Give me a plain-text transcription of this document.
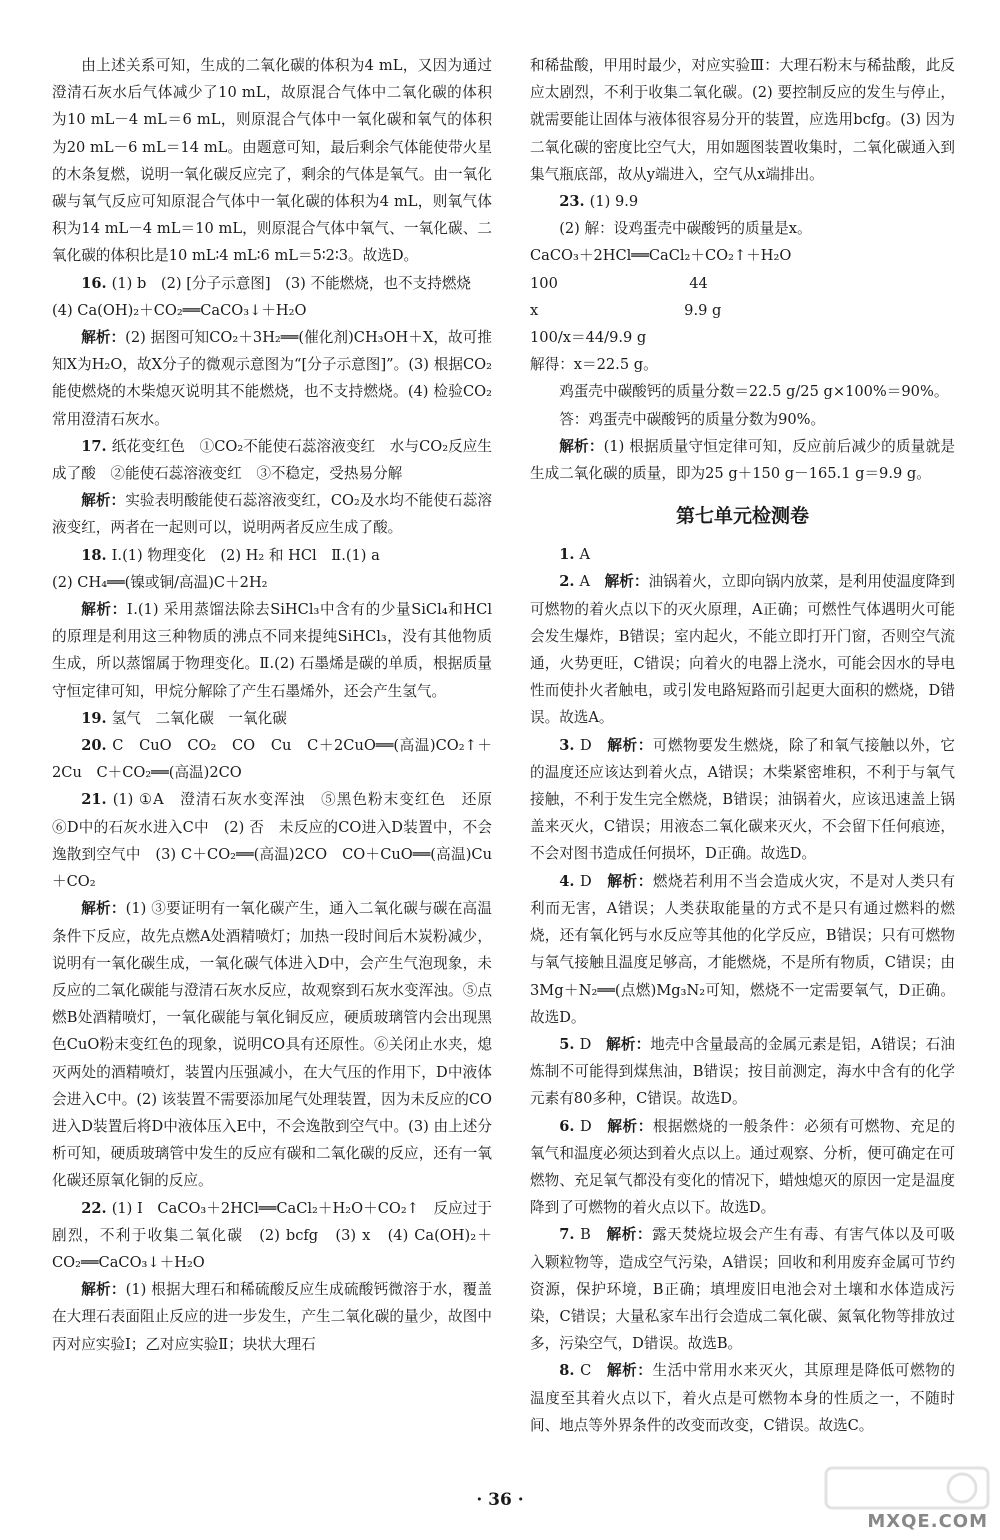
由上述关系可知，生成的二氧化碳的体积为4 mL，又因为通过澄清石灰水后气体减少了10 mL，故原混合气体中二氧化碳的体积为10 mL－4 mL＝6 mL，则原混合气体中一氧化碳和氧气的体积为20 mL－6 mL＝14 mL。由题意可知，最后剩余气体能使带火星的木条复燃，说明一氧化碳反应完了，剩余的气体是氧气。由一氧化碳与氧气反应可知原混合气体中一氧化碳的体积为4 mL，则氧气体积为14 mL－4 mL＝10 mL，则原混合气体中氧气、一氧化碳、二氧化碳的体积比是10 mL∶4 mL∶6 mL＝5∶2∶3。故选D。

16. (1) b　(2) [分子示意图]　(3) 不能燃烧，也不支持燃烧

(4) Ca(OH)₂＋CO₂══CaCO₃↓＋H₂O

解析：(2) 据图可知CO₂＋3H₂══(催化剂)CH₃OH＋X，故可推知X为H₂O，故X分子的微观示意图为“[分子示意图]”。(3) 根据CO₂能使燃烧的木柴熄灭说明其不能燃烧，也不支持燃烧。(4) 检验CO₂常用澄清石灰水。

17. 纸花变红色　①CO₂不能使石蕊溶液变红　水与CO₂反应生成了酸　②能使石蕊溶液变红　③不稳定，受热易分解

解析：实验表明酸能使石蕊溶液变红，CO₂及水均不能使石蕊溶液变红，两者在一起则可以，说明两者反应生成了酸。

18. Ⅰ.(1) 物理变化　(2) H₂ 和 HCl　Ⅱ.(1) a

(2) CH₄══(镍或铜/高温)C＋2H₂

解析：Ⅰ.(1) 采用蒸馏法除去SiHCl₃中含有的少量SiCl₄和HCl的原理是利用这三种物质的沸点不同来提纯SiHCl₃，没有其他物质生成，所以蒸馏属于物理变化。Ⅱ.(2) 石墨烯是碳的单质，根据质量守恒定律可知，甲烷分解除了产生石墨烯外，还会产生氢气。

19. 氢气　二氧化碳　一氧化碳

20. C　CuO　CO₂　CO　Cu　C＋2CuO══(高温)CO₂↑＋2Cu　C＋CO₂══(高温)2CO

21. (1) ①A　澄清石灰水变浑浊　⑤黑色粉末变红色　还原　⑥D中的石灰水进入C中　(2) 否　未反应的CO进入D装置中，不会逸散到空气中　(3) C＋CO₂══(高温)2CO　CO＋CuO══(高温)Cu＋CO₂

解析：(1) ③要证明有一氧化碳产生，通入二氧化碳与碳在高温条件下反应，故先点燃A处酒精喷灯；加热一段时间后木炭粉减少，说明有一氧化碳生成，一氧化碳气体进入D中，会产生气泡现象，未反应的二氧化碳能与澄清石灰水反应，故观察到石灰水变浑浊。⑤点燃B处酒精喷灯，一氧化碳能与氧化铜反应，硬质玻璃管内会出现黑色CuO粉末变红色的现象，说明CO具有还原性。⑥关闭止水夹，熄灭两处的酒精喷灯，装置内压强减小，在大气压的作用下，D中液体会进入C中。(2) 该装置不需要添加尾气处理装置，因为未反应的CO进入D装置后将D中液体压入E中，不会逸散到空气中。(3) 由上述分析可知，硬质玻璃管中发生的反应有碳和二氧化碳的反应，还有一氧化碳还原氧化铜的反应。

22. (1) Ⅰ　CaCO₃＋2HCl══CaCl₂＋H₂O＋CO₂↑　反应过于剧烈，不利于收集二氧化碳　(2) bcfg　(3) x　(4) Ca(OH)₂＋CO₂══CaCO₃↓＋H₂O

解析：(1) 根据大理石和稀硫酸反应生成硫酸钙微溶于水，覆盖在大理石表面阻止反应的进一步发生，产生二氧化碳的量少，故图中丙对应实验Ⅰ；乙对应实验Ⅱ；块状大理石

和稀盐酸，甲用时最少，对应实验Ⅲ：大理石粉末与稀盐酸，此反应太剧烈，不利于收集二氧化碳。(2) 要控制反应的发生与停止，就需要能让固体与液体很容易分开的装置，应选用bcfg。(3) 因为二氧化碳的密度比空气大，用如题图装置收集时，二氧化碳通入到集气瓶底部，故从y端进入，空气从x端排出。

23. (1) 9.9

(2) 解：设鸡蛋壳中碳酸钙的质量是x。

CaCO₃＋2HCl══CaCl₂＋CO₂↑＋H₂O

100　　　　　　　　　44

x　　　　　　　　　　9.9 g

100/x＝44/9.9 g

解得：x＝22.5 g。

鸡蛋壳中碳酸钙的质量分数＝22.5 g/25 g×100%＝90%。

答：鸡蛋壳中碳酸钙的质量分数为90%。

解析：(1) 根据质量守恒定律可知，反应前后减少的质量就是生成二氧化碳的质量，即为25 g＋150 g－165.1 g＝9.9 g。

第七单元检测卷

1. A

2. A　解析：油锅着火，立即向锅内放菜，是利用使温度降到可燃物的着火点以下的灭火原理，A正确；可燃性气体遇明火可能会发生爆炸，B错误；室内起火，不能立即打开门窗，否则空气流通，火势更旺，C错误；向着火的电器上浇水，可能会因水的导电性而使扑火者触电，或引发电路短路而引起更大面积的燃烧，D错误。故选A。

3. D　解析：可燃物要发生燃烧，除了和氧气接触以外，它的温度还应该达到着火点，A错误；木柴紧密堆积，不利于与氧气接触，不利于发生完全燃烧，B错误；油锅着火，应该迅速盖上锅盖来灭火，C错误；用液态二氧化碳来灭火，不会留下任何痕迹，不会对图书造成任何损坏，D正确。故选D。

4. D　解析：燃烧若利用不当会造成火灾，不是对人类只有利而无害，A错误；人类获取能量的方式不是只有通过燃料的燃烧，还有氧化钙与水反应等其他的化学反应，B错误；只有可燃物与氧气接触且温度足够高，才能燃烧，不是所有物质，C错误；由3Mg＋N₂══(点燃)Mg₃N₂可知，燃烧不一定需要氧气，D正确。故选D。

5. D　解析：地壳中含量最高的金属元素是铝，A错误；石油炼制不可能得到煤焦油，B错误；按目前测定，海水中含有的化学元素有80多种，C错误。故选D。

6. D　解析：根据燃烧的一般条件：必须有可燃物、充足的氧气和温度必须达到着火点以上。通过观察、分析，便可确定在可燃物、充足氧气都没有变化的情况下，蜡烛熄灭的原因一定是温度降到了可燃物的着火点以下。故选D。

7. B　解析：露天焚烧垃圾会产生有毒、有害气体以及可吸入颗粒物等，造成空气污染，A错误；回收和利用废弃金属可节约资源，保护环境，B正确；填埋废旧电池会对土壤和水体造成污染，C错误；大量私家车出行会造成二氧化碳、氮氧化物等排放过多，污染空气，D错误。故选B。

8. C　解析：生活中常用水来灭火，其原理是降低可燃物的温度至其着火点以下，着火点是可燃物本身的性质之一，不随时间、地点等外界条件的改变而改变，C错误。故选C。

· 36 ·
MXQE.COM
